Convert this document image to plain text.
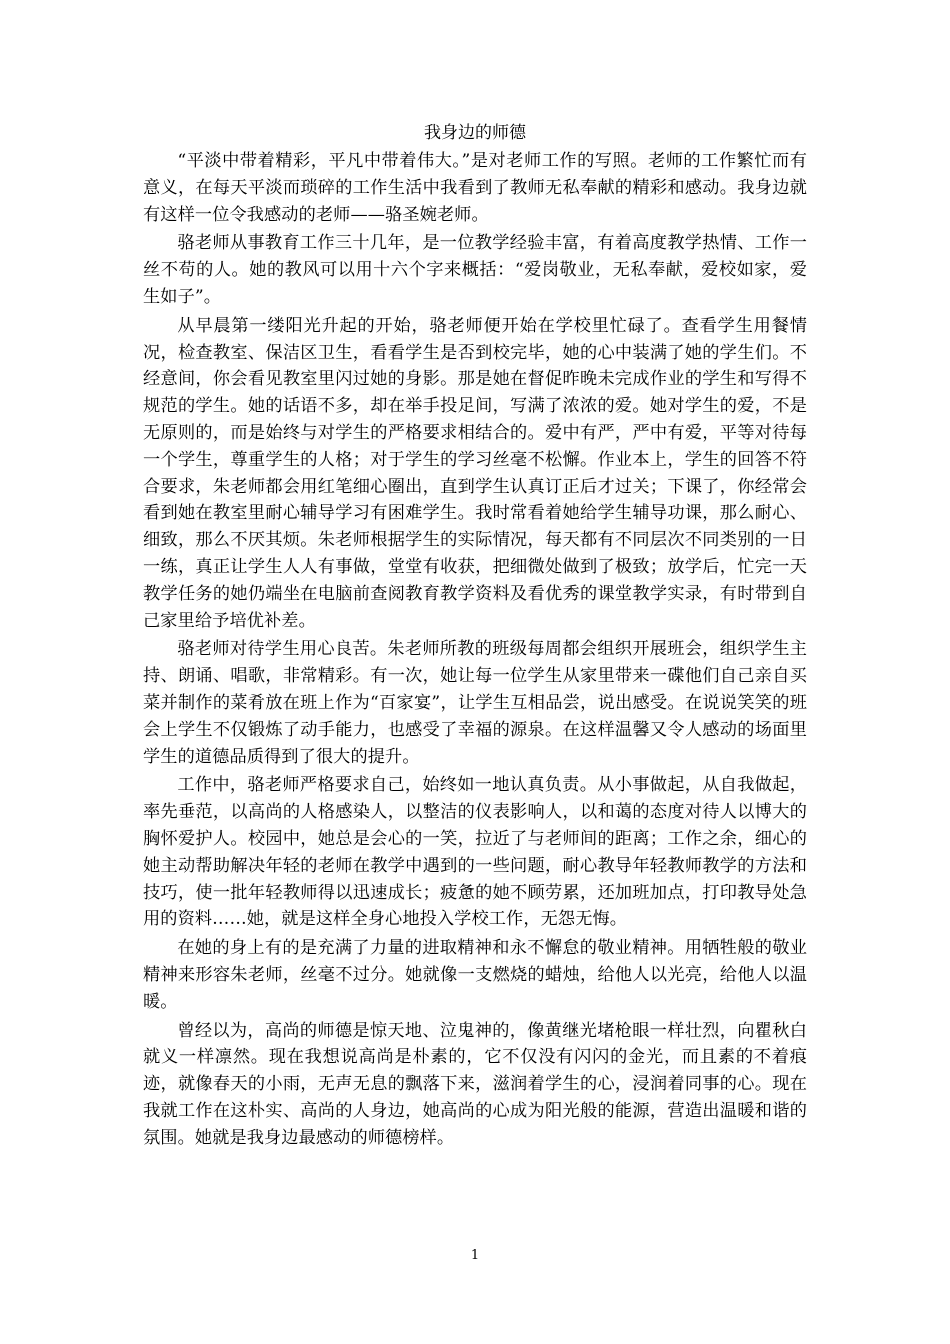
我身边的师德

“平淡中带着精彩，平凡中带着伟大。”是对老师工作的写照。老师的工作繁忙而有意义，在每天平淡而琐碎的工作生活中我看到了教师无私奉献的精彩和感动。我身边就有这样一位令我感动的老师——骆圣婉老师。

骆老师从事教育工作三十几年，是一位教学经验丰富，有着高度教学热情、工作一丝不苟的人。她的教风可以用十六个字来概括：“爱岗敬业，无私奉献，爱校如家，爱生如子”。

从早晨第一缕阳光升起的开始，骆老师便开始在学校里忙碌了。查看学生用餐情况，检查教室、保洁区卫生，看看学生是否到校完毕，她的心中装满了她的学生们。不经意间，你会看见教室里闪过她的身影。那是她在督促昨晚未完成作业的学生和写得不规范的学生。她的话语不多，却在举手投足间，写满了浓浓的爱。她对学生的爱，不是无原则的，而是始终与对学生的严格要求相结合的。爱中有严，严中有爱，平等对待每一个学生，尊重学生的人格；对于学生的学习丝毫不松懈。作业本上，学生的回答不符合要求，朱老师都会用红笔细心圈出，直到学生认真订正后才过关；下课了，你经常会看到她在教室里耐心辅导学习有困难学生。我时常看着她给学生辅导功课，那么耐心、细致，那么不厌其烦。朱老师根据学生的实际情况，每天都有不同层次不同类别的一日一练，真正让学生人人有事做，堂堂有收获，把细微处做到了极致；放学后，忙完一天教学任务的她仍端坐在电脑前查阅教育教学资料及看优秀的课堂教学实录，有时带到自己家里给予培优补差。

骆老师对待学生用心良苦。朱老师所教的班级每周都会组织开展班会，组织学生主持、朗诵、唱歌，非常精彩。有一次，她让每一位学生从家里带来一碟他们自己亲自买菜并制作的菜肴放在班上作为“百家宴”，让学生互相品尝，说出感受。在说说笑笑的班会上学生不仅锻炼了动手能力，也感受了幸福的源泉。在这样温馨又令人感动的场面里学生的道德品质得到了很大的提升。

工作中，骆老师严格要求自己，始终如一地认真负责。从小事做起，从自我做起，率先垂范，以高尚的人格感染人，以整洁的仪表影响人，以和蔼的态度对待人以博大的胸怀爱护人。校园中，她总是会心的一笑，拉近了与老师间的距离；工作之余，细心的她主动帮助解决年轻的老师在教学中遇到的一些问题，耐心教导年轻教师教学的方法和技巧，使一批年轻教师得以迅速成长；疲惫的她不顾劳累，还加班加点，打印教导处急用的资料……她，就是这样全身心地投入学校工作，无怨无悔。

在她的身上有的是充满了力量的进取精神和永不懈怠的敬业精神。用牺牲般的敬业精神来形容朱老师，丝毫不过分。她就像一支燃烧的蜡烛，给他人以光亮，给他人以温暖。

曾经以为，高尚的师德是惊天地、泣鬼神的，像黄继光堵枪眼一样壮烈，向瞿秋白就义一样凛然。现在我想说高尚是朴素的，它不仅没有闪闪的金光，而且素的不着痕迹，就像春天的小雨，无声无息的飘落下来，滋润着学生的心，浸润着同事的心。现在我就工作在这朴实、高尚的人身边，她高尚的心成为阳光般的能源，营造出温暖和谐的氛围。她就是我身边最感动的师德榜样。

1
